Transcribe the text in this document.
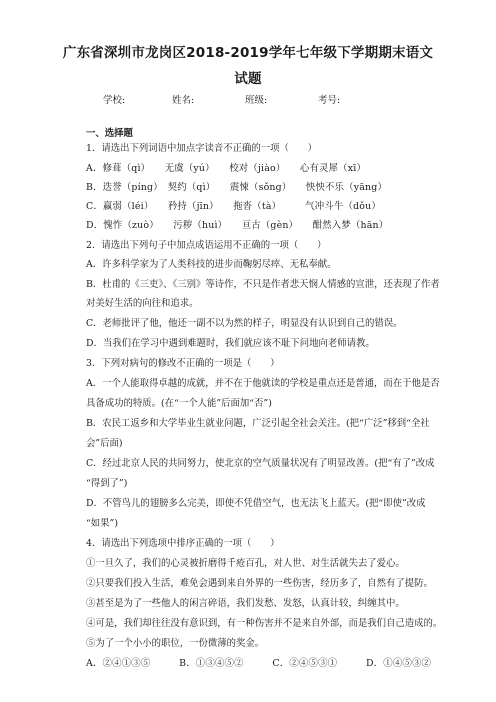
广东省深圳市龙岗区2018-2019学年七年级下学期期末语文
试题
学校:	姓名:	班级:	考号:
一、选择题
1．请选出下列词语中加点字读音不正确的一项（　　）
A．修葺（qì）　　无虞（yú）　　校对（jiào）　　心有灵犀（xī）
B．迭誉（píng）　契约（qì）　　震悚（sǒng）　　怏怏不乐（yāng）
C．赢弱（léi）　　矜持（jīn）　　拖沓（tà）　　　气冲斗牛（dǒu）
D．愧怍（zuò）　　污秽（huì）　　亘古（gèn）　　酣然入梦（hān）
2．请选出下列句子中加点成语运用不正确的一项（　　）
A．许多科学家为了人类科技的进步而鞠躬尽瘁、无私奉献。
B．杜甫的《三吏》、《三别》等诗作，不只是作者悲天悯人情感的宣泄，还表现了作者
对美好生活的向往和追求。
C．老师批评了他，他还一副不以为然的样子，明显没有认识到自己的错误。
D．当我们在学习中遇到难题时，我们就应该不耻下问地向老师请教。
3．下列对病句的修改不正确的一项是（　　）
A．一个人能取得卓越的成就，并不在于他就读的学校是重点还是普通，而在于他是否
具备成功的特质。(在“一个人能”后面加“否”)
B．农民工返乡和大学毕业生就业问题，广泛引起全社会关注。(把“广泛”移到“全社
会”后面)
C．经过北京人民的共同努力，使北京的空气质量状况有了明显改善。(把“有了”改成
“得到了”)
D．不管鸟儿的翅膀多么完美，即使不凭借空气，也无法飞上蓝天。(把“即使”改成
“如果”)
4．请选出下列选项中排序正确的一项（　　）
①一旦久了，我们的心灵被折磨得千疮百孔，对人世、对生活就失去了爱心。
②只要我们投入生活，难免会遇到来自外界的一些伤害，经历多了，自然有了提防。
③甚至是为了一些他人的闲言碎语，我们发愁、发怒，认真计较，纠缠其中。
④可是，我们却往往没有意识到，有一种伤害并不是来自外部，而是我们自己造成的。
⑤为了一个小小的职位，一份微薄的奖金。
A．②④①③⑤　　　B．①③④⑤②　　　C．②④⑤③①　　　D．①④⑤③②
